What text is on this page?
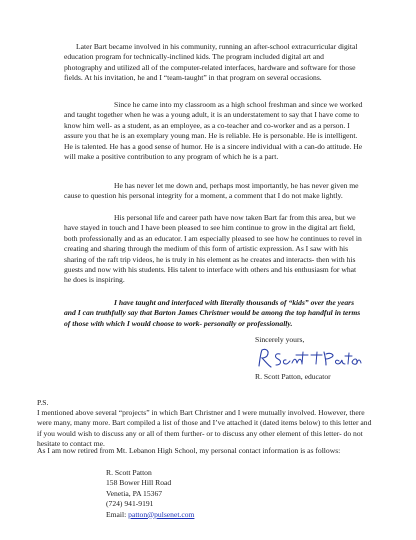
Later Bart became involved in his community, running an after-school extracurricular digital education program for technically-inclined kids. The program included digital art and photography and utilized all of the computer-related interfaces, hardware and software for those fields. At his invitation, he and I “team-taught” in that program on several occasions.

Since he came into my classroom as a high school freshman and since we worked and taught together when he was a young adult, it is an understatement to say that I have come to know him well- as a student, as an employee, as a co-teacher and co-worker and as a person. I assure you that he is an exemplary young man. He is reliable. He is personable. He is intelligent. He is talented. He has a good sense of humor. He is a sincere individual with a can-do attitude. He will make a positive contribution to any program of which he is a part.

He has never let me down and, perhaps most importantly, he has never given me cause to question his personal integrity for a moment, a comment that I do not make lightly.

His personal life and career path have now taken Bart far from this area, but we have stayed in touch and I have been pleased to see him continue to grow in the digital art field, both professionally and as an educator. I am especially pleased to see how he continues to revel in creating and sharing through the medium of this form of artistic expression. As I saw with his sharing of the raft trip videos, he is truly in his element as he creates and interacts- then with his guests and now with his students. His talent to interface with others and his enthusiasm for what he does is inspiring.

I have taught and interfaced with literally thousands of “kids” over the years and I can truthfully say that Barton James Christner would be among the top handful in terms of those with which I would choose to work- personally or professionally.

Sincerely yours,
R. Scott Patton, educator
P.S.

I mentioned above several “projects” in which Bart Christner and I were mutually involved. However, there were many, many more. Bart compiled a list of those and I’ve attached it (dated items below) to this letter and if you would wish to discuss any or all of them further- or to discuss any other element of this letter- do not hesitate to contact me.

As I am now retired from Mt. Lebanon High School, my personal contact information is as follows:

R. Scott Patton
158 Bower Hill Road
Venetia, PA 15367
(724) 941-9191
Email: patton@pulsenet.com
